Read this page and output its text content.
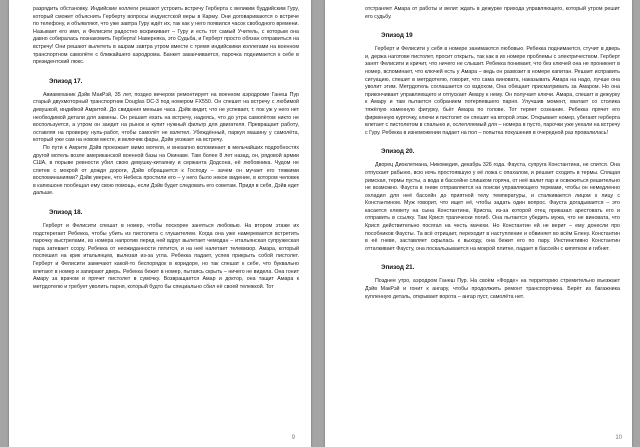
разрядить обстановку. Индийские коллеги решают устроить встречу Герберта с великим буддийским Гуру, который сможет объяснить Герберту вопросы индуистской веры в Карму. Они договариваются о встрече по телефону, и объявляют, что уже завтра Гуру ждёт их, так как у него появился часок свободного времени. Называет его имя, и Фелисити радостно вскрикивает – Гуру и есть тот самый Учитель, с которым она давно собиралась познакомить Герберта! Наверняка, это Судьба, и Герберт просто обязан отправиться на встречу! Они решают вылететь в ашрам завтра утром вместе с тремя индийскими коллегами на военном транспортном самолёте с ближайшего аэродрома. Банкет заканчивается, парочка поднимается к себе в президентский люкс.

Эпизод 17.

Авиамеханик Дэйв МакРэй, 35 лет, поздно вечером ремонтирует на военном аэродроме Ганеш Пур старый двухмоторный транспортник Douglas DC-3 под номером FX550. Он спешит на встречу с любимой девушкой, индийкой Амритой. До свидания меньше часа. Дэйв видит, что не успевает, т. пок уж у него нет необходимой детали для замены. Он решает ехать на встречу, надеясь, что до утра самолётом никто не воспользуется, а утром он заедет на рынок и купит нужный фильтр для двигателя. Превращает работу, оставляя на проверку нуль-работ, чтобы самолёт не взлетел. Убеждённый, паркуя машину у самолёта, который уже сам на новом месте, и включив фары, Дэйв уезжает на встречу.

По пути к Амрите Дэйв проезжает мимо мотеля, и внезапно вспоминает в мельчайших подробностях другой мотель возле американской военной базы на Окинаве. Там более 8 лет назад, он, рядовой армии США, в порыве ревности убил свою девушку-китаянку и сержанта Додсона, её любовника. Чудом не слетев с мокрой от дождя дороги, Дэйв обращается к Господу – зачем он мучает его тяжкими воспоминаниями? Дэйв уверен, что Небеса простили его – у него было некое видение, в котором человек в капюшоне пообещал ему свою помощь, если Дэйв будет следовать его советам. Придя в себя, Дэйв едет дальше.

Эпизод 18.

Герберт и Фелисити спешат в номер, чтобы поскорее заняться любовью. На втором этаже их подстерегает Ребекка, чтобы убить из пистолета с глушителем. Когда она уже намеревается встретить парочку выстрелами, из номера напротив перед ней вдруг вылетает чемодан – итальянская супружеская пара затевает ссору. Ребекка от неожиданности пятится, и на неё налетает телевизор. Амара, который поспешил на крик итальянцев, вылезая из-за угла. Ребекка падает, успев прикрыть собой пистолет. Герберт и Фелисити замечают какой-то беспорядок в коридоре, но так спешат к себе, что буквально влетают в номер и запирают дверь. Ребекка бежит в номер, пытаясь скрыть – ничего не видела. Она гонит Амару за врачом и прячет пистолет в сумочку. Возвращается Амар и доктор, она тащит Амара к метрдотелю и требует уволить парня, который будто бы специально сбил её своей тележкой. Тот

9

отстраняет Амара от работы и велит ждать в дежурке прихода управляющего, который утром решит его судьбу.

Эпизод 19

Герберт и Фелисити у себя в номере занимаются любовью. Ребекка поднимается, стучит в дверь и, держа наготове пистолет, просит открыть, так как в их номере проблемы с электричеством. Герберт занят Фелисити и кричит, что ничего не слышит. Ребекка понимает, что без ключей она не проникнет в номер, вспоминает, что ключей есть у Амара – ведь он развозит в номере капитан. Решает исправить ситуацию, спешит в метрдотелю, говорит, что сама виновата, наказывать Амара на надо, лучше она уволит этим. Метрдотель соглашается со вздохом, Она обещает присматривать за Амаром. Но она прикончивает управляющего и отпускает Амару к нему. Он получает ключи. Амара, спешит в дежурку к Амару и там пытается собранием потерпевшего парня. Улучшив момент, хватает со столика тяжёлую каменную фигурку, бьёт Амара по голове. Тот теряет сознание. Ребекка прячет его фирменную курточку, ключи и пистолет он спешит на второй этаж. Открывает номер, убегают герберта влетает с пистолетом в спальню и, ослепляемый для – номера в пусто, парочки уже уехали на встречу с Гуру. Ребекка в изнеможении падает на пол – попытка покушения в очередной раз провалилась!

Эпизод 20.

Дворец Диоклетиана, Никомедия, декабрь 326 года. Фауста, супруга Константина, не спится. Она отпускает рабыню, всю ночь простоявшую у её ложа с опахалом, и решает сходить в термы. Спящая римская, термы пусты, а вода в бассейне слишком горяча, от неё валит пар и освежиться решительно не возможно. Фауста в гневе отправляется на поиски управляющего термами, чтобы он немедленно охладил для неё бассейн до приятной телу температуры, и сталкивается лицом к лицу с Константином. Муж говорит, что ищет её, чтобы задать один вопрос. Фауста догадывается – это касается клевету на сына Константина, Криспа, из-за которой отец приказал арестовать его и отправить в ссылку. Там Крисп трагически погиб. Она пытается убедить мужа, что не виновата, что Крисп действительно посягал на честь мачехи. Но Константин ей не верит – ему донесли про пособников Фаусты. Та всё отрицает, переходит в наступление и обвиняет во всём Елену. Константин в её гневе, заставляет скрылась к выходу, она бежит его по пару. Инстинктивно Константин отталкивает Фаусту, она поскальзывается на мокрой плитке, падает в бассейн с кипятком и гибнет.

Эпизод 21.

Позднее утро, аэродром Ганеш Пур. На своём «Форде» на территорию стремительно въезжает Дэйв МакРэй и гонит к ангару, чтобы продолжить ремонт транспортника. Берёт из багажника купленную деталь, открывает ворота – ангар пуст, самолёта нет.

10
